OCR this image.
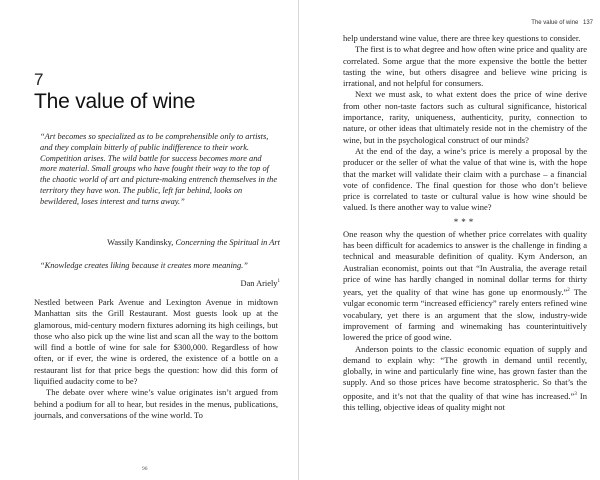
7
The value of wine
“Art becomes so specialized as to be comprehensible only to artists, and they complain bitterly of public indifference to their work. Competition arises. The wild battle for success becomes more and more material. Small groups who have fought their way to the top of the chaotic world of art and picture-making entrench themselves in the territory they have won. The public, left far behind, looks on bewildered, loses interest and turns away.”
Wassily Kandinsky, Concerning the Spiritual in Art
“Knowledge creates liking because it creates more meaning.”
Dan Ariely$^1$

Nestled between Park Avenue and Lexington Avenue in midtown Manhattan sits the Grill Restaurant. Most guests look up at the glamorous, mid-century modern fixtures adorning its high ceilings, but those who also pick up the wine list and scan all the way to the bottom will find a bottle of wine for sale for $300,000. Regardless of how often, or if ever, the wine is ordered, the existence of a bottle on a restaurant list for that price begs the question: how did this form of liquified audacity come to be?

The debate over where wine’s value originates isn’t argued from behind a podium for all to hear, but resides in the menus, publications, journals, and conversations of the wine world. To

96
The value of wine 137

help understand wine value, there are three key questions to consider.

The first is to what degree and how often wine price and quality are correlated. Some argue that the more expensive the bottle the better tasting the wine, but others disagree and believe wine pricing is irrational, and not helpful for consumers.

Next we must ask, to what extent does the price of wine derive from other non-taste factors such as cultural significance, historical importance, rarity, uniqueness, authenticity, purity, connection to nature, or other ideas that ultimately reside not in the chemistry of the wine, but in the psychological construct of our minds?

At the end of the day, a wine’s price is merely a proposal by the producer or the seller of what the value of that wine is, with the hope that the market will validate their claim with a purchase – a financial vote of confidence. The final question for those who don’t believe price is correlated to taste or cultural value is how wine should be valued. Is there another way to value wine?

***

One reason why the question of whether price correlates with quality has been difficult for academics to answer is the challenge in finding a technical and measurable definition of quality. Kym Anderson, an Australian economist, points out that “In Australia, the average retail price of wine has hardly changed in nominal dollar terms for thirty years, yet the quality of that wine has gone up enormously.”$^2$ The vulgar economic term “increased efficiency” rarely enters refined wine vocabulary, yet there is an argument that the slow, industry-wide improvement of farming and winemaking has counterintuitively lowered the price of good wine.

Anderson points to the classic economic equation of supply and demand to explain why: “The growth in demand until recently, globally, in wine and particularly fine wine, has grown faster than the supply. And so those prices have become stratospheric. So that’s the opposite, and it’s not that the quality of that wine has increased.”$^3$ In this telling, objective ideas of quality might not
